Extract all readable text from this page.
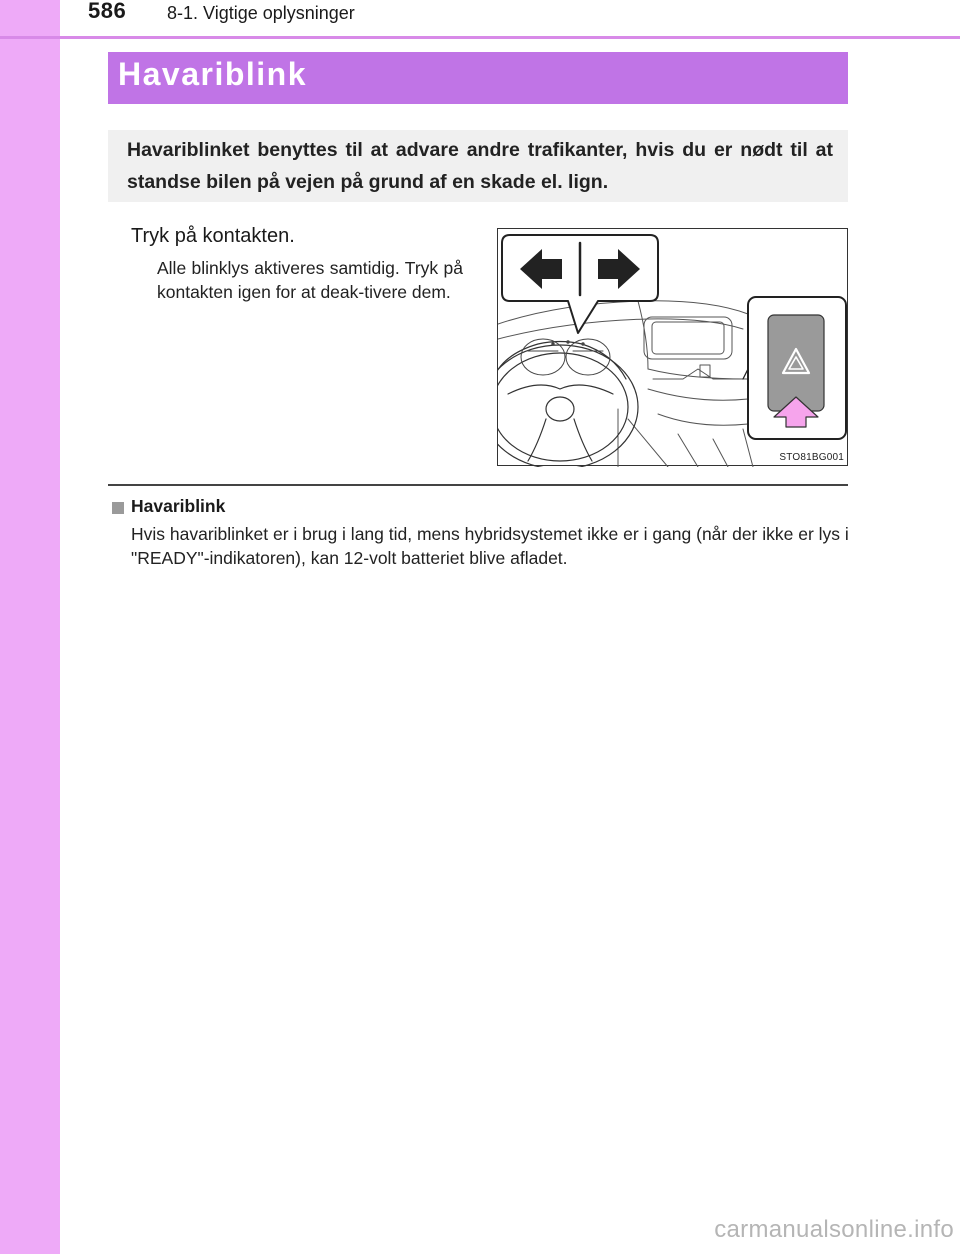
586 8-1. Vigtige oplysninger
Havariblink
Havariblinket benyttes til at advare andre trafikanter, hvis du er nødt til at standse bilen på vejen på grund af en skade el. lign.
Tryk på kontakten.
Alle blinklys aktiveres samtidig. Tryk på kontakten igen for at deak-tivere dem.
STO81BG001
Havariblink
Hvis havariblinket er i brug i lang tid, mens hybridsystemet ikke er i gang (når der ikke er lys i "READY"-indikatoren), kan 12-volt batteriet blive afladet.
carmanualsonline.info
